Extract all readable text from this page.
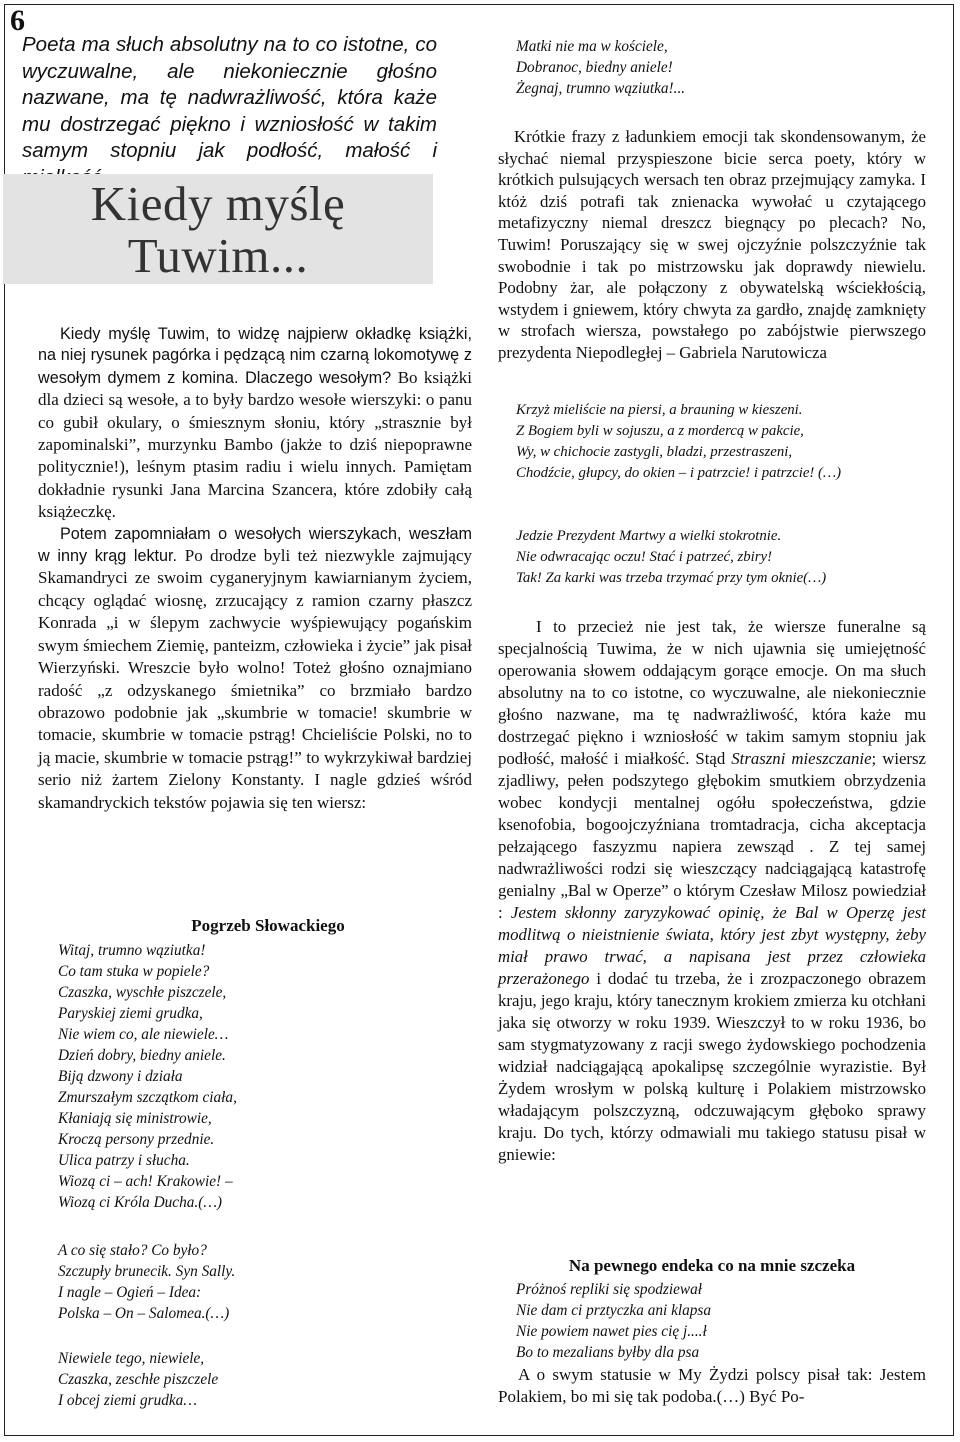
6
Poeta ma słuch absolutny na to co istotne, co wyczuwalne, ale niekoniecznie głośno nazwane, ma tę nadwrażliwość, która każe mu dostrzegać piękno i wzniosłość w takim samym stopniu jak podłość, małość i
Kiedy myślę
Tuwim...
Kiedy myślę Tuwim, to widzę najpierw okładkę książki, na niej rysunek pagórka i pędzącą nim czarną lokomotywę z wesołym dymem z komina. Dlaczego wesołym? Bo książki dla dzieci są wesołe, a to były bardzo wesołe wierszyki: o panu co gubił okulary, o śmiesznym słoniu, który „strasznie był zapominalski”, murzynku Bambo (jakże to dziś niepoprawne politycznie!), leśnym ptasim radiu i wielu innych. Pamiętam dokładnie rysunki Jana Marcina Szancera, które zdobiły całą książeczkę.
Potem zapomniałam o wesołych wierszykach, weszłam w inny krąg lektur. Po drodze byli też niezwykle zajmujący Skamandryci ze swoim cyganeryjnym kawiarnianym życiem, chcący oglądać wiosnę, zrzucający z ramion czarny płaszcz Konrada „i w ślepym zachwycie wyśpiewujący pogańskim swym śmiechem Ziemię, panteizm, człowieka i życie” jak pisał Wierzyński. Wreszcie było wolno! Toteż głośno oznajmiano radość „z odzyskanego śmietnika” co brzmiało bardzo obrazowo podobnie jak „skumbrie w tomacie! skumbrie w tomacie, skumbrie w tomacie pstrąg! Chcieliście Polski, no to ją macie, skumbrie w tomacie pstrąg!” to wykrzykiwał bardziej serio niż żartem Zielony Konstanty. I nagle gdzieś wśród skamandryckich tekstów pojawia się ten wiersz:
Pogrzeb Słowackiego
Witaj, trumno wąziutka!
Co tam stuka w popiele?
Czaszka, wyschłe piszczele,
Paryskiej ziemi grudka,
Nie wiem co, ale niewiele…
Dzień dobry, biedny aniele.
Biją dzwony i działa
Zmurszałym szczątkom ciała,
Kłaniają się ministrowie,
Kroczą persony przednie.
Ulica patrzy i słucha.
Wiozą ci – ach! Krakowie! –
Wiozą ci Króla Ducha.(…)
A co się stało? Co było?
Szczupły brunecik. Syn Sally.
I nagle – Ogień – Idea:
Polska – On – Salomea.(…)
Niewiele tego, niewiele,
Czaszka, zeschłe piszczele
I obcej ziemi grudka…
Matki nie ma w kościele,
Dobranoc, biedny aniele!
Żegnaj, trumno wąziutka!...
Krótkie frazy z ładunkiem emocji tak skondensowanym, że słychać niemal przyspieszone bicie serca poety, który w krótkich pulsujących wersach ten obraz przejmujący zamyka. I któż dziś potrafi tak znienacka wywołać u czytającego metafizyczny niemal dreszcz biegnący po plecach? No, Tuwim! Poruszający się w swej ojczyźnie polszczyźnie tak swobodnie i tak po mistrzowsku jak doprawdy niewielu. Podobny żar, ale połączony z obywatelską wściekłością, wstydem i gniewem, który chwyta za gardło, znajdę zamknięty w strofach wiersza, powstałego po zabójstwie pierwszego prezydenta Niepodległej – Gabriela Narutowicza
Krzyż mieliście na piersi, a brauning w kieszeni.
Z Bogiem byli w sojuszu, a z mordercą w pakcie,
Wy, w chichocie zastygli, bladzi, przestraszeni,
Chodźcie, głupcy, do okien – i patrzcie! i patrzcie! (…)
Jedzie Prezydent Martwy a wielki stokrotnie.
Nie odwracając oczu! Stać i patrzeć, zbiry!
Tak! Za karki was trzeba trzymać przy tym oknie(…)
I to przecież nie jest tak, że wiersze funeralne są specjalnością Tuwima, że w nich ujawnia się umiejętność operowania słowem oddającym gorące emocje. On ma słuch absolutny na to co istotne, co wyczuwalne, ale niekoniecznie głośno nazwane, ma tę nadwrażliwość, która każe mu dostrzegać piękno i wzniosłość w takim samym stopniu jak podłość, małość i miałkość. Stąd Straszni mieszczanie; wiersz zjadliwy, pełen podszytego głębokim smutkiem obrzydzenia wobec kondycji mentalnej ogółu społeczeństwa, gdzie ksenofobia, bogoojczyźniana tromtadracja, cicha akceptacja pełzającego faszyzmu napiera zewsząd . Z tej samej nadwrażliwości rodzi się wieszczący nadciągającą katastrofę genialny „Bal w Operze” o którym Czesław Milosz powiedział : Jestem skłonny zaryzykować opinię, że Bal w Operzę jest modlitwą o nieistnienie świata, który jest zbyt występny, żeby miał prawo trwać, a napisana jest przez człowieka przerażonego i dodać tu trzeba, że i zrozpaczonego obrazem kraju, jego kraju, który tanecznym krokiem zmierza ku otchłani jaka się otworzy w roku 1939. Wieszczył to w roku 1936, bo sam stygmatyzowany z racji swego żydowskiego pochodzenia widział nadciągającą apokalipsę szczególnie wyrazistie. Był Żydem wrosłym w polską kulturę i Polakiem mistrzowsko władającym polszczyzną, odczuwającym głęboko sprawy kraju. Do tych, którzy odmawiali mu takiego statusu pisał w gniewie:
Na pewnego endeka co na mnie szczeka
Próżnoś repliki się spodziewał
Nie dam ci prztyczka ani klapsa
Nie powiem nawet pies cię j....ł
Bo to mezalians byłby dla psa
A o swym statusie w My Żydzi polscy pisał tak: Jestem Polakiem, bo mi się tak podoba.(…) Być Po-
